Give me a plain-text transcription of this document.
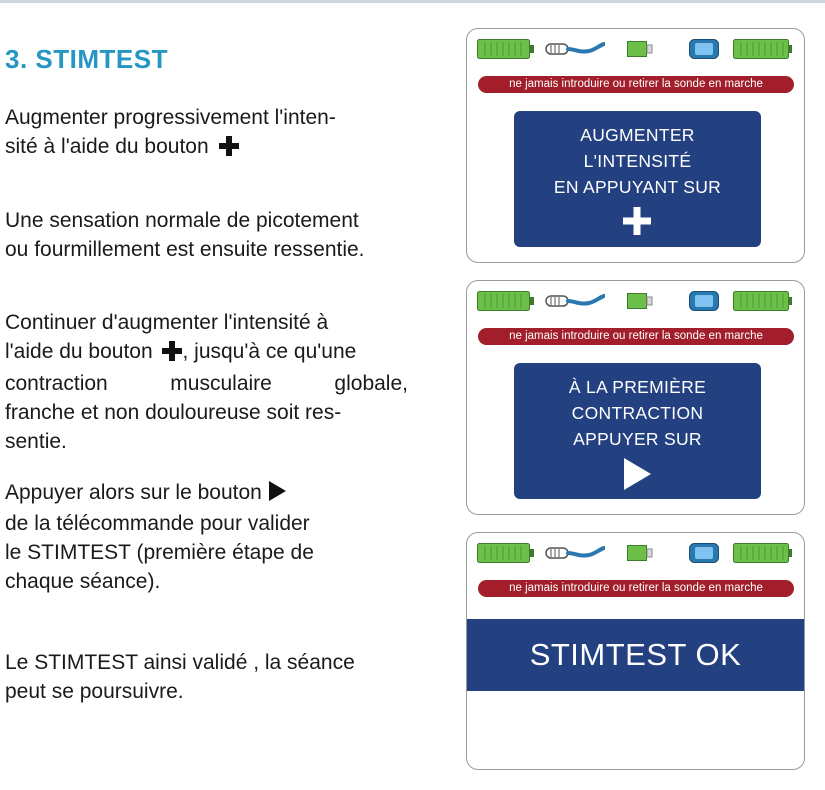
3. STIMTEST

Augmenter progressivement l'inten-
sité à l'aide du bouton

Une sensation normale de picotement
ou fourmillement est ensuite ressentie.

Continuer d'augmenter l'intensité à
l'aide du bouton , jusqu'à ce qu'une
contraction musculaire globale,
franche et non douloureuse soit res-
sentie.

Appuyer alors sur le bouton
de la télécommande pour valider
le STIMTEST (première étape de
chaque séance).

Le STIMTEST ainsi validé , la séance
peut se poursuivre.

ne jamais introduire ou retirer la sonde en marche
AUGMENTER
L'INTENSITÉ
EN APPUYANT SUR
ne jamais introduire ou retirer la sonde en marche
À LA PREMIÈRE
CONTRACTION
APPUYER SUR
ne jamais introduire ou retirer la sonde en marche
STIMTEST OK
